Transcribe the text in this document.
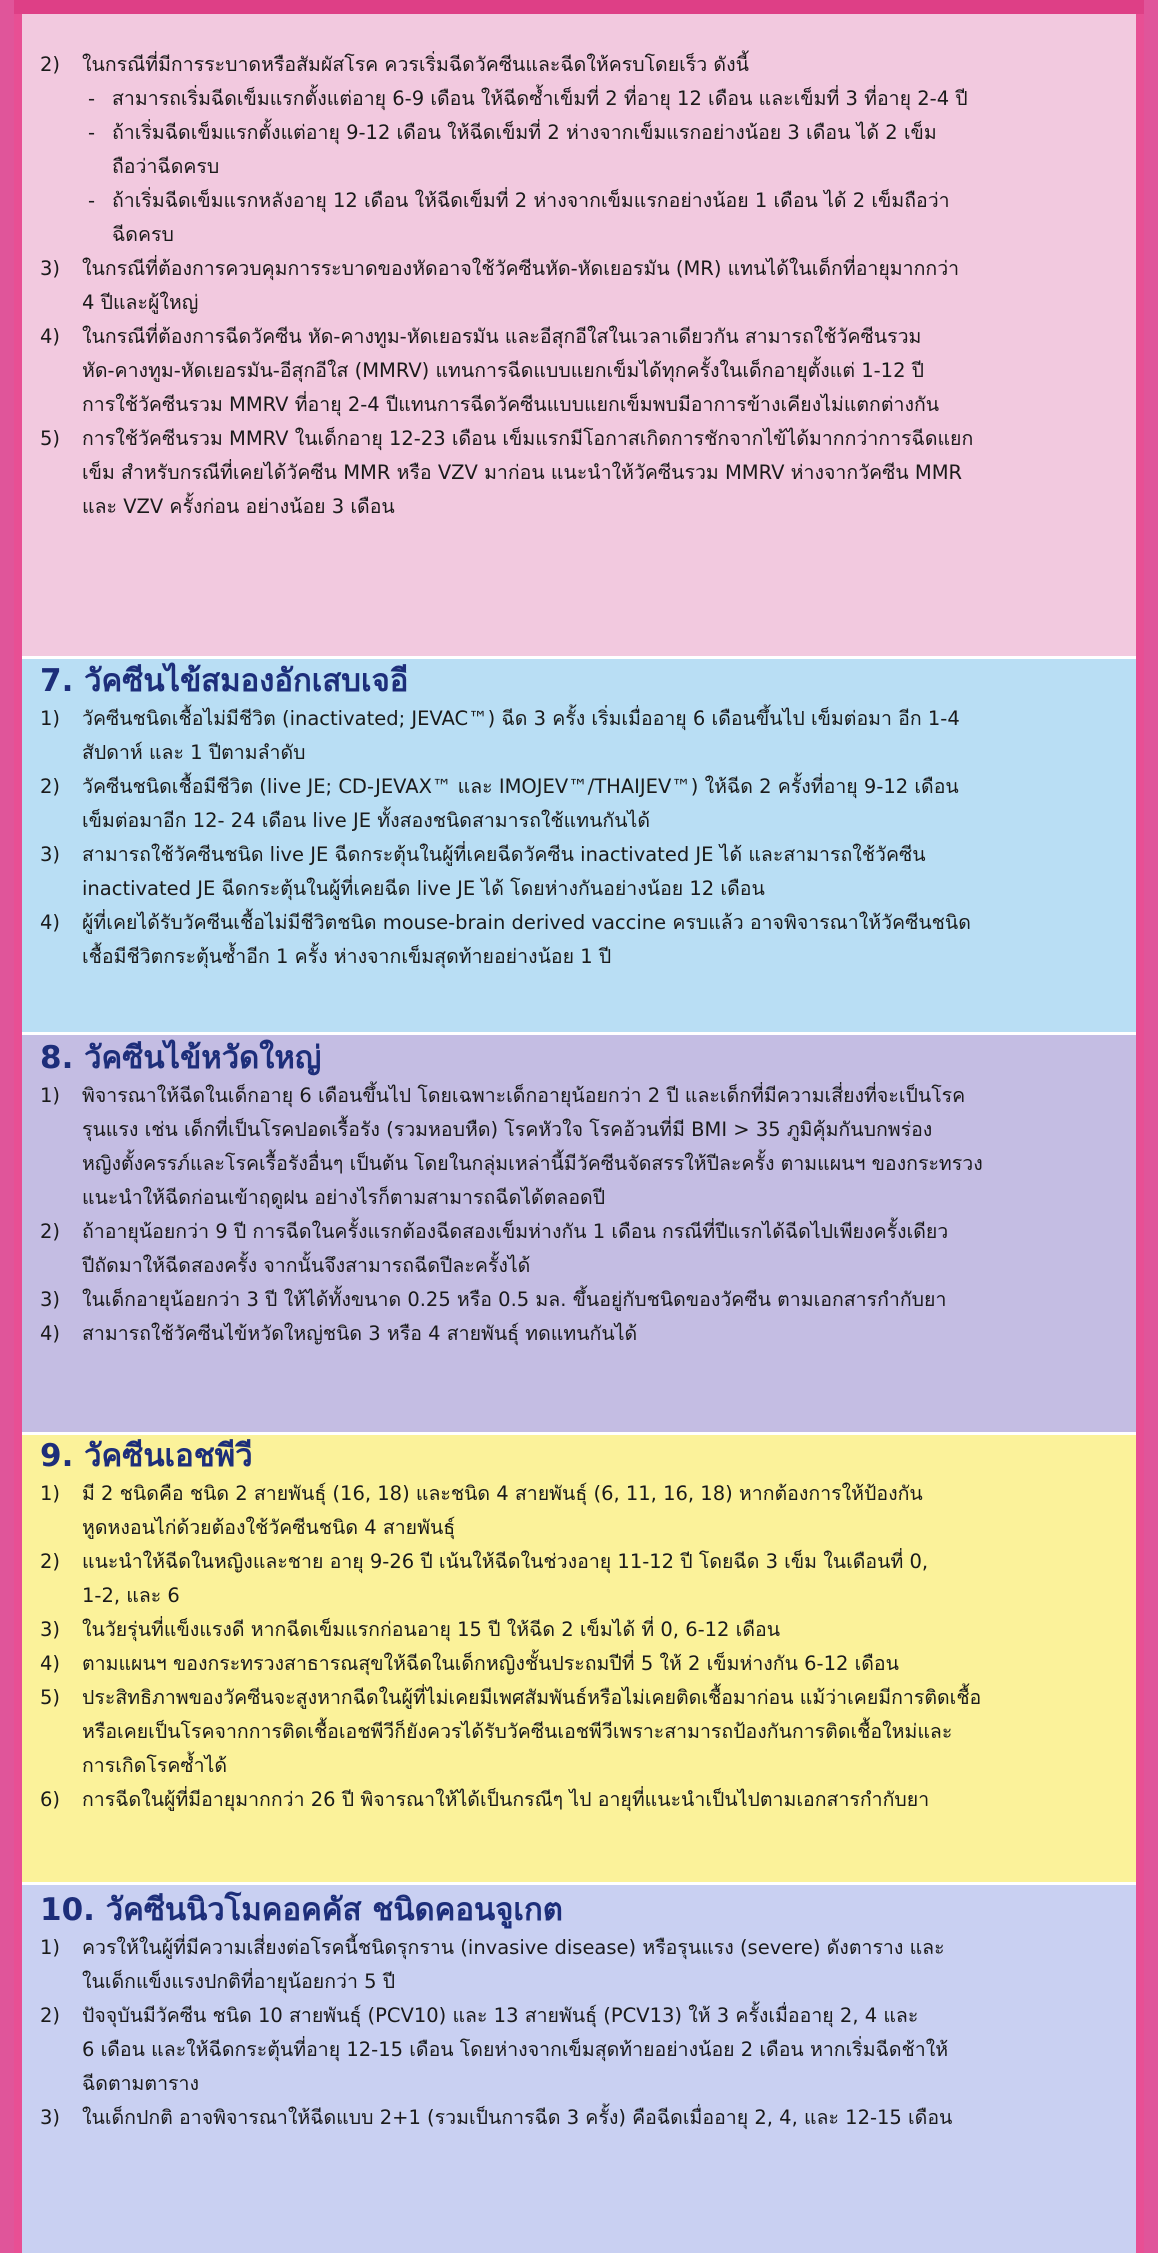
2)	ในกรณีที่มีการระบาดหรือสัมผัสโรค ควรเริ่มฉีดวัคซีนและฉีดให้ครบโดยเร็ว ดังนี้
- สามารถเริ่มฉีดเข็มแรกตั้งแต่อายุ 6-9 เดือน ให้ฉีดซ้ำเข็มที่ 2 ที่อายุ 12 เดือน และเข็มที่ 3 ที่อายุ 2-4 ปี
- ถ้าเริ่มฉีดเข็มแรกตั้งแต่อายุ 9-12 เดือน ให้ฉีดเข็มที่ 2 ห่างจากเข็มแรกอย่างน้อย 3 เดือน ได้ 2 เข็ม
ถือว่าฉีดครบ
- ถ้าเริ่มฉีดเข็มแรกหลังอายุ 12 เดือน ให้ฉีดเข็มที่ 2 ห่างจากเข็มแรกอย่างน้อย 1 เดือน ได้ 2 เข็มถือว่า
ฉีดครบ
3)	ในกรณีที่ต้องการควบคุมการระบาดของหัดอาจใช้วัคซีนหัด-หัดเยอรมัน (MR) แทนได้ในเด็กที่อายุมากกว่า
4 ปีและผู้ใหญ่
4)	ในกรณีที่ต้องการฉีดวัคซีน หัด-คางทูม-หัดเยอรมัน และอีสุกอีใสในเวลาเดียวกัน สามารถใช้วัคซีนรวม
หัด-คางทูม-หัดเยอรมัน-อีสุกอีใส (MMRV) แทนการฉีดแบบแยกเข็มได้ทุกครั้งในเด็กอายุตั้งแต่ 1-12 ปี
การใช้วัคซีนรวม MMRV ที่อายุ 2-4 ปีแทนการฉีดวัคซีนแบบแยกเข็มพบมีอาการข้างเคียงไม่แตกต่างกัน
5)	การใช้วัคซีนรวม MMRV ในเด็กอายุ 12-23 เดือน เข็มแรกมีโอกาสเกิดการชักจากไข้ได้มากกว่าการฉีดแยก
เข็ม สำหรับกรณีที่เคยได้วัคซีน MMR หรือ VZV มาก่อน แนะนำให้วัคซีนรวม MMRV ห่างจากวัคซีน MMR
และ VZV ครั้งก่อน อย่างน้อย 3 เดือน
7. วัคซีนไข้สมองอักเสบเจอี
1)	วัคซีนชนิดเชื้อไม่มีชีวิต (inactivated; JEVAC™) ฉีด 3 ครั้ง เริ่มเมื่ออายุ 6 เดือนขึ้นไป เข็มต่อมา อีก 1-4
สัปดาห์ และ 1 ปีตามลำดับ
2)	วัคซีนชนิดเชื้อมีชีวิต (live JE; CD-JEVAX™ และ IMOJEV™/THAIJEV™) ให้ฉีด 2 ครั้งที่อายุ 9-12 เดือน
เข็มต่อมาอีก 12- 24 เดือน live JE ทั้งสองชนิดสามารถใช้แทนกันได้
3)	สามารถใช้วัคซีนชนิด live JE ฉีดกระตุ้นในผู้ที่เคยฉีดวัคซีน inactivated JE ได้ และสามารถใช้วัคซีน
inactivated JE ฉีดกระตุ้นในผู้ที่เคยฉีด live JE ได้ โดยห่างกันอย่างน้อย 12 เดือน
4)	ผู้ที่เคยได้รับวัคซีนเชื้อไม่มีชีวิตชนิด mouse-brain derived vaccine ครบแล้ว อาจพิจารณาให้วัคซีนชนิด
เชื้อมีชีวิตกระตุ้นซ้ำอีก 1 ครั้ง ห่างจากเข็มสุดท้ายอย่างน้อย 1 ปี
8. วัคซีนไข้หวัดใหญ่
1)	พิจารณาให้ฉีดในเด็กอายุ 6 เดือนขึ้นไป โดยเฉพาะเด็กอายุน้อยกว่า 2 ปี และเด็กที่มีความเสี่ยงที่จะเป็นโรค
รุนแรง เช่น เด็กที่เป็นโรคปอดเรื้อรัง (รวมหอบหืด) โรคหัวใจ โรคอ้วนที่มี BMI > 35 ภูมิคุ้มกันบกพร่อง
หญิงตั้งครรภ์และโรคเรื้อรังอื่นๆ เป็นต้น โดยในกลุ่มเหล่านี้มีวัคซีนจัดสรรให้ปีละครั้ง ตามแผนฯ ของกระทรวง
แนะนำให้ฉีดก่อนเข้าฤดูฝน อย่างไรก็ตามสามารถฉีดได้ตลอดปี
2)	ถ้าอายุน้อยกว่า 9 ปี การฉีดในครั้งแรกต้องฉีดสองเข็มห่างกัน 1 เดือน กรณีที่ปีแรกได้ฉีดไปเพียงครั้งเดียว
ปีถัดมาให้ฉีดสองครั้ง จากนั้นจึงสามารถฉีดปีละครั้งได้
3)	ในเด็กอายุน้อยกว่า 3 ปี ให้ได้ทั้งขนาด 0.25 หรือ 0.5 มล. ขึ้นอยู่กับชนิดของวัคซีน ตามเอกสารกำกับยา
4)	สามารถใช้วัคซีนไข้หวัดใหญ่ชนิด 3 หรือ 4 สายพันธุ์ ทดแทนกันได้
9. วัคซีนเอชพีวี
1)	มี 2 ชนิดคือ ชนิด 2 สายพันธุ์ (16, 18) และชนิด 4 สายพันธุ์ (6, 11, 16, 18) หากต้องการให้ป้องกัน
หูดหงอนไก่ด้วยต้องใช้วัคซีนชนิด 4 สายพันธุ์
2)	แนะนำให้ฉีดในหญิงและชาย อายุ 9-26 ปี เน้นให้ฉีดในช่วงอายุ 11-12 ปี โดยฉีด 3 เข็ม ในเดือนที่ 0,
1-2, และ 6
3)	ในวัยรุ่นที่แข็งแรงดี หากฉีดเข็มแรกก่อนอายุ 15 ปี ให้ฉีด 2 เข็มได้ ที่ 0, 6-12 เดือน
4)	ตามแผนฯ ของกระทรวงสาธารณสุขให้ฉีดในเด็กหญิงชั้นประถมปีที่ 5 ให้ 2 เข็มห่างกัน 6-12 เดือน
5)	ประสิทธิภาพของวัคซีนจะสูงหากฉีดในผู้ที่ไม่เคยมีเพศสัมพันธ์หรือไม่เคยติดเชื้อมาก่อน แม้ว่าเคยมีการติดเชื้อ
หรือเคยเป็นโรคจากการติดเชื้อเอชพีวีก็ยังควรได้รับวัคซีนเอชพีวีเพราะสามารถป้องกันการติดเชื้อใหม่และ
การเกิดโรคซ้ำได้
6)	การฉีดในผู้ที่มีอายุมากกว่า 26 ปี พิจารณาให้ได้เป็นกรณีๆ ไป อายุที่แนะนำเป็นไปตามเอกสารกำกับยา
10. วัคซีนนิวโมคอคคัส ชนิดคอนจูเกต
1)	ควรให้ในผู้ที่มีความเสี่ยงต่อโรคนี้ชนิดรุกราน (invasive disease) หรือรุนแรง (severe) ดังตาราง และ
ในเด็กแข็งแรงปกติที่อายุน้อยกว่า 5 ปี
2)	ปัจจุบันมีวัคซีน ชนิด 10 สายพันธุ์ (PCV10) และ 13 สายพันธุ์ (PCV13) ให้ 3 ครั้งเมื่ออายุ 2, 4 และ
6 เดือน และให้ฉีดกระตุ้นที่อายุ 12-15 เดือน โดยห่างจากเข็มสุดท้ายอย่างน้อย 2 เดือน หากเริ่มฉีดช้าให้
ฉีดตามตาราง
3)	ในเด็กปกติ อาจพิจารณาให้ฉีดแบบ 2+1 (รวมเป็นการฉีด 3 ครั้ง) คือฉีดเมื่ออายุ 2, 4, และ 12-15 เดือน
